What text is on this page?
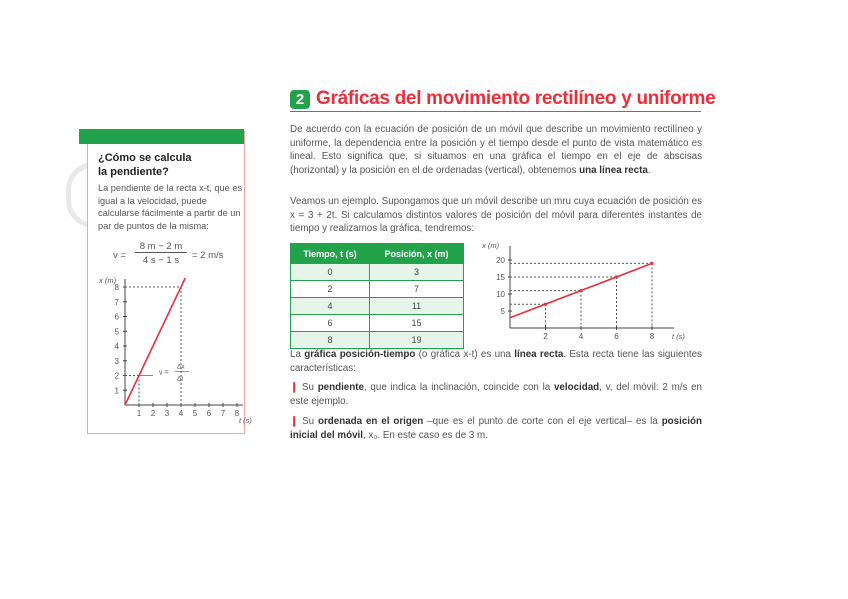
¿Cómo se calcula
la pendiente?
La pendiente de la recta x-t, que es igual a la velocidad, puede calcularse fácilmente a partir de un par de puntos de la misma:
v =
8 m − 2 m
4 s − 1 s	= 2 m/s
1 2 3 4 5 6 7 8
1
2
3
4
5
6
7
8
x (m)
t (s)
v =
Δx
Δt
2 Gráficas del movimiento rectilíneo y uniforme
De acuerdo con la ecuación de posición de un móvil que describe un movimiento rectilíneo y uniforme, la dependencia entre la posición y el tiempo desde el punto de vista matemático es lineal. Esto significa que, si situamos en una gráfica el tiempo en el eje de abscisas (horizontal) y la posición en el de ordenadas (vertical), obtenemos una línea recta.
Veamos un ejemplo. Supongamos que un móvil describe un mru cuya ecuación de posición es x = 3 + 2t. Si calculamos distintos valores de posición del móvil para diferentes instantes de tiempo y realizamos la gráfica, tendremos:
Tiempo, t (s)	Posición, x (m)
0	3
2	7
4	11
6	15
8	19	2	4	6	8
5
10
15
20
x (m)
t (s)
La gráfica posición-tiempo (o gráfica x-t) es una línea recta. Esta recta tiene las siguientes características:
❙ Su pendiente, que indica la inclinación, coincide con la velocidad, v, del móvil: 2 m/s en este ejemplo.
❙ Su ordenada en el origen –que es el punto de corte con el eje vertical– es la posición inicial del móvil, x₀. En este caso es de 3 m.
